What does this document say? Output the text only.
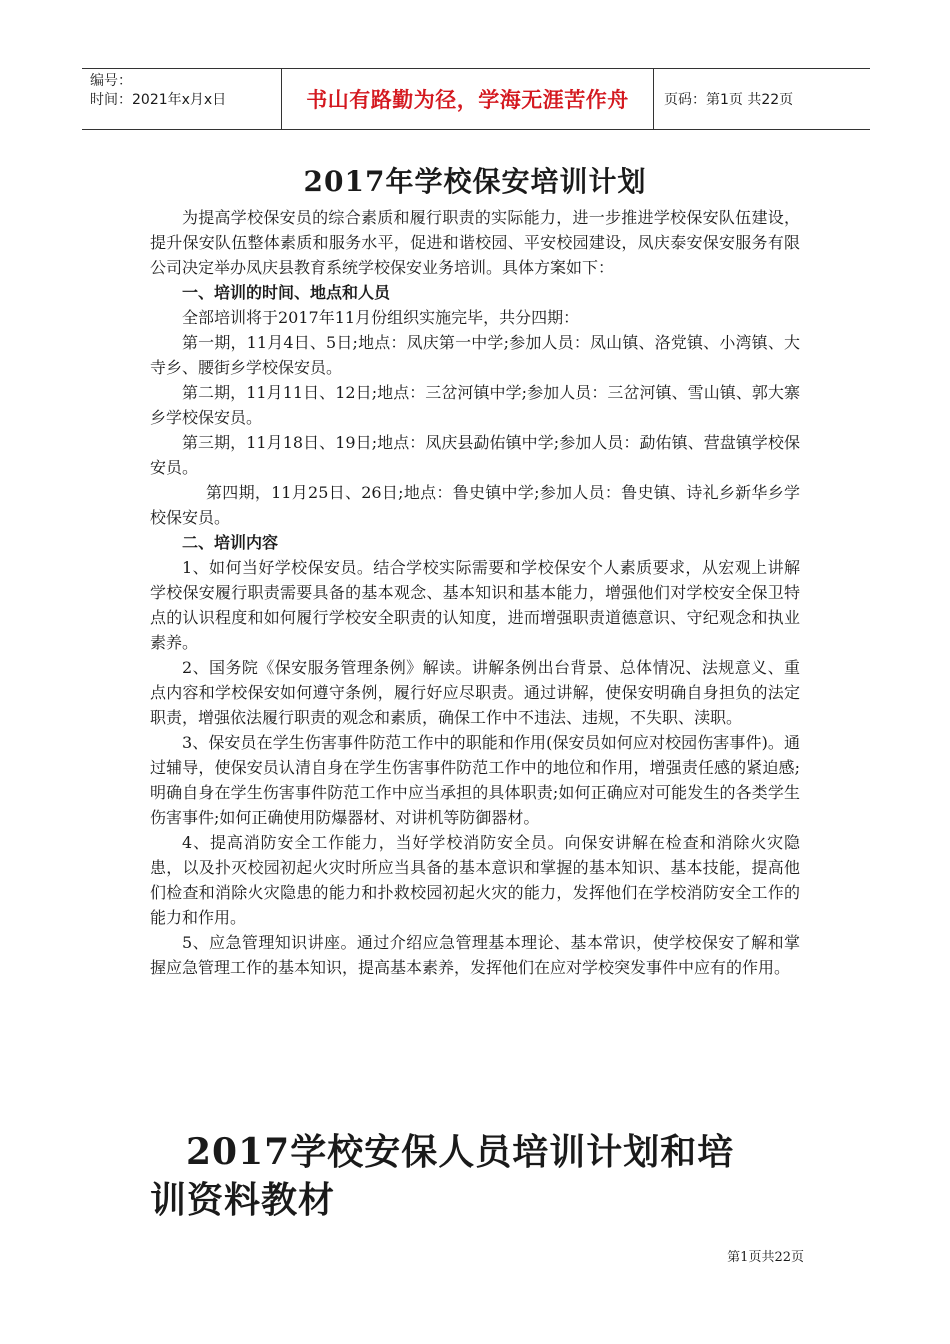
编号：
时间：2021年x月x日	书山有路勤为径，学海无涯苦作舟	页码：第1页 共22页
2017年学校保安培训计划

为提高学校保安员的综合素质和履行职责的实际能力，进一步推进学校保安队伍建设，提升保安队伍整体素质和服务水平，促进和谐校园、平安校园建设，凤庆泰安保安服务有限公司决定举办凤庆县教育系统学校保安业务培训。具体方案如下：

一、培训的时间、地点和人员

全部培训将于2017年11月份组织实施完毕，共分四期：

第一期，11月4日、5日;地点：凤庆第一中学;参加人员：凤山镇、洛党镇、小湾镇、大寺乡、腰街乡学校保安员。

第二期，11月11日、12日;地点：三岔河镇中学;参加人员：三岔河镇、雪山镇、郭大寨乡学校保安员。

第三期，11月18日、19日;地点：凤庆县勐佑镇中学;参加人员：勐佑镇、营盘镇学校保安员。

第四期，11月25日、26日;地点：鲁史镇中学;参加人员：鲁史镇、诗礼乡新华乡学校保安员。

二、培训内容

1、如何当好学校保安员。结合学校实际需要和学校保安个人素质要求，从宏观上讲解学校保安履行职责需要具备的基本观念、基本知识和基本能力，增强他们对学校安全保卫特点的认识程度和如何履行学校安全职责的认知度，进而增强职责道德意识、守纪观念和执业素养。

2、国务院《保安服务管理条例》解读。讲解条例出台背景、总体情况、法规意义、重点内容和学校保安如何遵守条例，履行好应尽职责。通过讲解，使保安明确自身担负的法定职责，增强依法履行职责的观念和素质，确保工作中不违法、违规，不失职、渎职。

3、保安员在学生伤害事件防范工作中的职能和作用(保安员如何应对校园伤害事件)。通过辅导，使保安员认清自身在学生伤害事件防范工作中的地位和作用，增强责任感的紧迫感;明确自身在学生伤害事件防范工作中应当承担的具体职责;如何正确应对可能发生的各类学生伤害事件;如何正确使用防爆器材、对讲机等防御器材。

4、提高消防安全工作能力，当好学校消防安全员。向保安讲解在检查和消除火灾隐患，以及扑灭校园初起火灾时所应当具备的基本意识和掌握的基本知识、基本技能，提高他们检查和消除火灾隐患的能力和扑救校园初起火灾的能力，发挥他们在学校消防安全工作的能力和作用。

5、应急管理知识讲座。通过介绍应急管理基本理论、基本常识，使学校保安了解和掌握应急管理工作的基本知识，提高基本素养，发挥他们在应对学校突发事件中应有的作用。

2017学校安保人员培训计划和培
训资料教材
第1页共22页
